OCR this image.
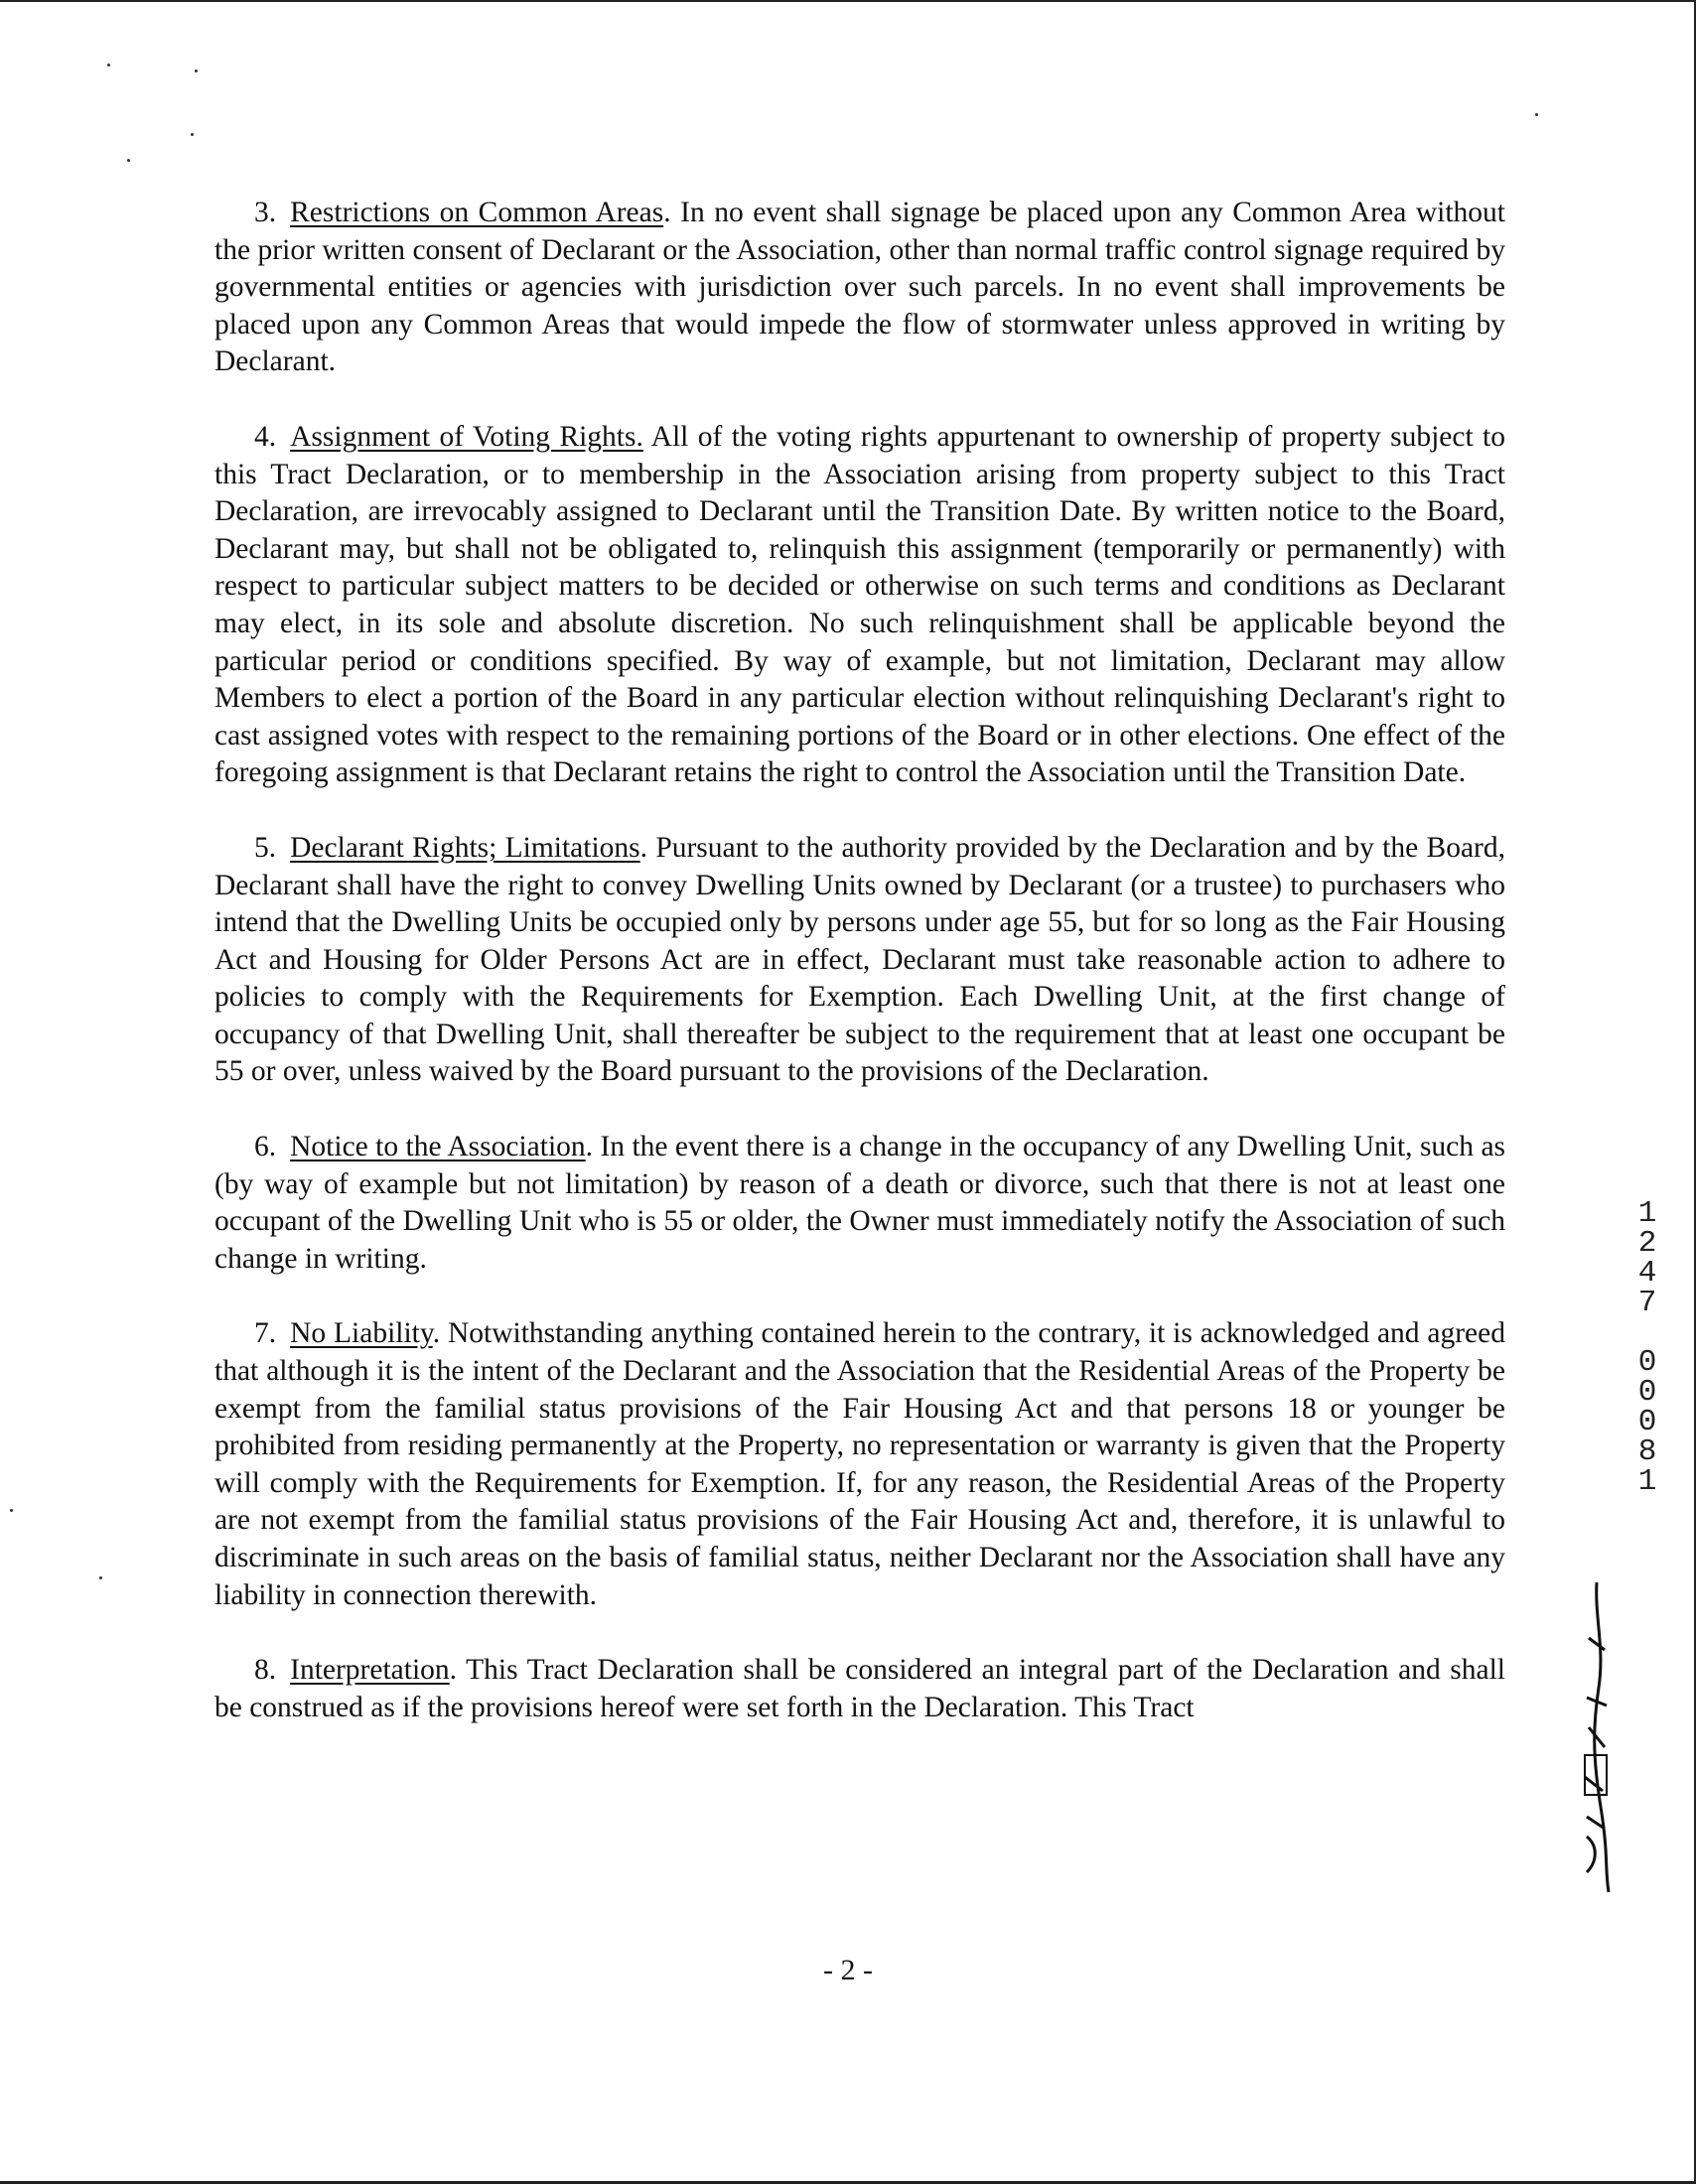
3. Restrictions on Common Areas. In no event shall signage be placed upon any Common Area without the prior written consent of Declarant or the Association, other than normal traffic control signage required by governmental entities or agencies with jurisdiction over such parcels. In no event shall improvements be placed upon any Common Areas that would impede the flow of stormwater unless approved in writing by Declarant.

4. Assignment of Voting Rights. All of the voting rights appurtenant to ownership of property subject to this Tract Declaration, or to membership in the Association arising from property subject to this Tract Declaration, are irrevocably assigned to Declarant until the Transition Date. By written notice to the Board, Declarant may, but shall not be obligated to, relinquish this assignment (temporarily or permanently) with respect to particular subject matters to be decided or otherwise on such terms and conditions as Declarant may elect, in its sole and absolute discretion. No such relinquishment shall be applicable beyond the particular period or conditions specified. By way of example, but not limitation, Declarant may allow Members to elect a portion of the Board in any particular election without relinquishing Declarant's right to cast assigned votes with respect to the remaining portions of the Board or in other elections. One effect of the foregoing assignment is that Declarant retains the right to control the Association until the Transition Date.

5. Declarant Rights; Limitations. Pursuant to the authority provided by the Declaration and by the Board, Declarant shall have the right to convey Dwelling Units owned by Declarant (or a trustee) to purchasers who intend that the Dwelling Units be occupied only by persons under age 55, but for so long as the Fair Housing Act and Housing for Older Persons Act are in effect, Declarant must take reasonable action to adhere to policies to comply with the Requirements for Exemption. Each Dwelling Unit, at the first change of occupancy of that Dwelling Unit, shall thereafter be subject to the requirement that at least one occupant be 55 or over, unless waived by the Board pursuant to the provisions of the Declaration.

6. Notice to the Association. In the event there is a change in the occupancy of any Dwelling Unit, such as (by way of example but not limitation) by reason of a death or divorce, such that there is not at least one occupant of the Dwelling Unit who is 55 or older, the Owner must immediately notify the Association of such change in writing.

7. No Liability. Notwithstanding anything contained herein to the contrary, it is acknowledged and agreed that although it is the intent of the Declarant and the Association that the Residential Areas of the Property be exempt from the familial status provisions of the Fair Housing Act and that persons 18 or younger be prohibited from residing permanently at the Property, no representation or warranty is given that the Property will comply with the Requirements for Exemption. If, for any reason, the Residential Areas of the Property are not exempt from the familial status provisions of the Fair Housing Act and, therefore, it is unlawful to discriminate in such areas on the basis of familial status, neither Declarant nor the Association shall have any liability in connection therewith.

8. Interpretation. This Tract Declaration shall be considered an integral part of the Declaration and shall be construed as if the provisions hereof were set forth in the Declaration. This Tract

- 2 -
1
2
4
7
0
0
0
8
1
